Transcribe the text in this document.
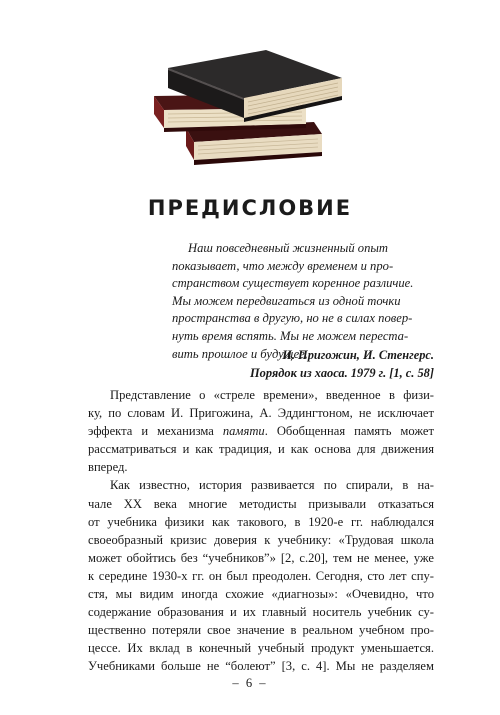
ПРЕДИСЛОВИЕ
Наш повседневный жизненный опыт
показывает, что между временем и про-
странством существует коренное различие.
Мы можем передвигаться из одной точки
пространства в другую, но не в силах повер-
нуть время вспять. Мы не можем переста-
вить прошлое и будущее.
И. Пригожин, И. Стенгерс.
Порядок из хаоса. 1979 г. [1, с. 58]
Представление о «стреле времени», введенное в физи-
ку, по словам И. Пригожина, А. Эддингтоном, не исключает
эффекта и механизма памяти. Обобщенная память может
рассматриваться и как традиция, и как основа для движения
вперед.
Как известно, история развивается по спирали, в на-
чале XX века многие методисты призывали отказаться
от учебника физики как такового, в 1920-е гг. наблюдался
своеобразный кризис доверия к учебнику: «Трудовая школа
может обойтись без “учебников”» [2, с.20], тем не менее, уже
к середине 1930-х гг. он был преодолен. Сегодня, сто лет спу-
стя, мы видим иногда схожие «диагнозы»: «Очевидно, что
содержание образования и их главный носитель учебник су-
щественно потеряли свое значение в реальном учебном про-
цессе. Их вклад в конечный учебный продукт уменьшается.
Учебниками больше не “болеют” [3, с. 4]. Мы не разделяем
– 6 –
